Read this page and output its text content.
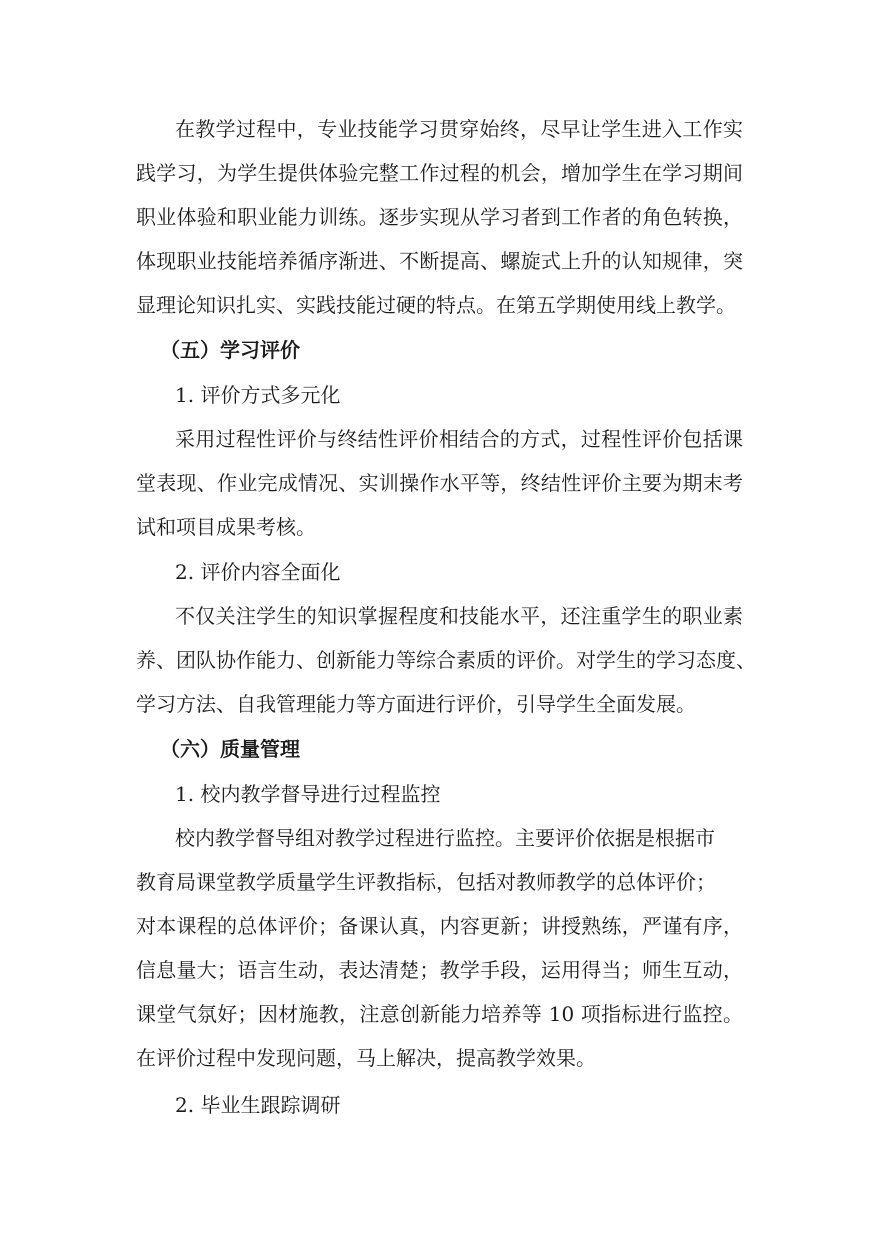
在教学过程中，专业技能学习贯穿始终，尽早让学生进入工作实

践学习，为学生提供体验完整工作过程的机会，增加学生在学习期间

职业体验和职业能力训练。逐步实现从学习者到工作者的角色转换，

体现职业技能培养循序渐进、不断提高、螺旋式上升的认知规律，突

显理论知识扎实、实践技能过硬的特点。在第五学期使用线上教学。

（五）学习评价

1. 评价方式多元化

采用过程性评价与终结性评价相结合的方式，过程性评价包括课

堂表现、作业完成情况、实训操作水平等，终结性评价主要为期末考

试和项目成果考核。

2. 评价内容全面化

不仅关注学生的知识掌握程度和技能水平，还注重学生的职业素

养、团队协作能力、创新能力等综合素质的评价。对学生的学习态度、

学习方法、自我管理能力等方面进行评价，引导学生全面发展。

（六）质量管理

1. 校内教学督导进行过程监控

校内教学督导组对教学过程进行监控。主要评价依据是根据市

教育局课堂教学质量学生评教指标，包括对教师教学的总体评价；

对本课程的总体评价；备课认真，内容更新；讲授熟练，严谨有序，

信息量大；语言生动，表达清楚；教学手段，运用得当；师生互动，

课堂气氛好；因材施教，注意创新能力培养等 10 项指标进行监控。

在评价过程中发现问题，马上解决，提高教学效果。

2. 毕业生跟踪调研
